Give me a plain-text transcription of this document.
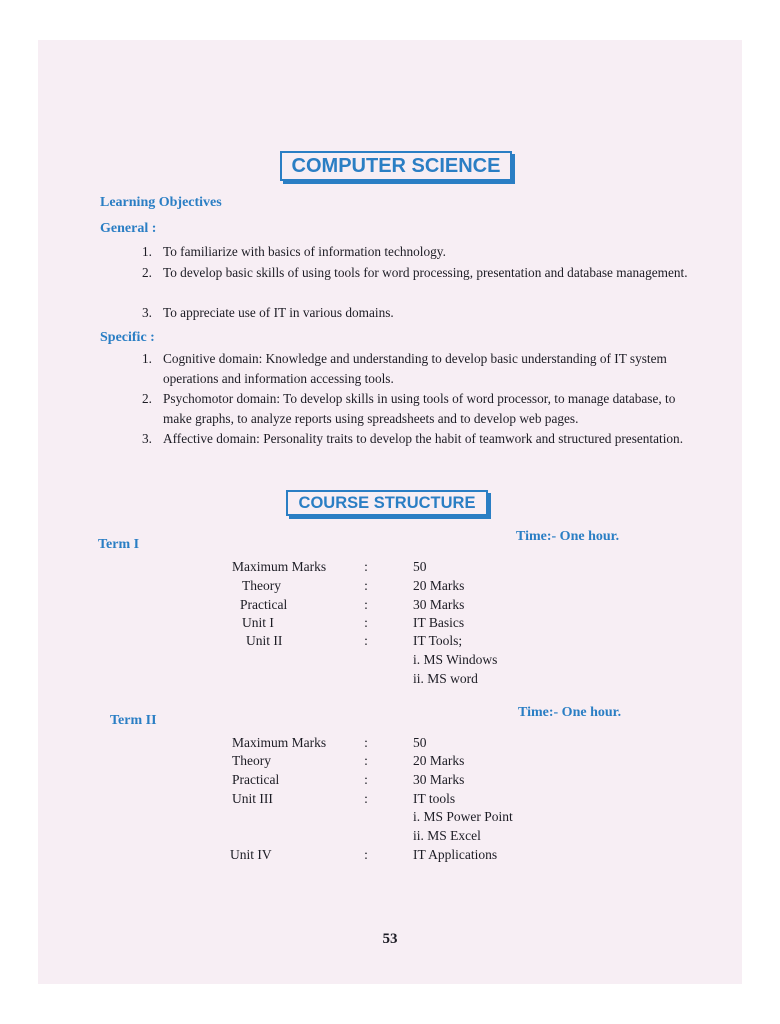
COMPUTER SCIENCE
Learning Objectives
General :
1. To familiarize with basics of information technology.
2. To develop basic skills of using tools for word processing, presentation and database management.
3. To appreciate use of IT in various domains.
Specific :
1. Cognitive domain: Knowledge and understanding to develop basic understanding of IT system operations and information accessing tools.
2. Psychomotor domain: To develop skills in using tools of word processor, to manage database, to make graphs, to analyze reports using spreadsheets and to develop web pages.
3. Affective domain: Personality traits to develop the habit of teamwork and structured presentation.
COURSE STRUCTURE
Term I
Time:- One hour.
Maximum Marks	:	50
Theory	:	20 Marks
Practical	:	30 Marks
Unit I	:	IT Basics
Unit II	:	IT Tools;
i. MS Windows
ii. MS word
Term II
Time:- One hour.
Maximum Marks	:	50
Theory	:	20 Marks
Practical	:	30 Marks
Unit III	:	IT tools
i. MS Power Point
ii. MS Excel
Unit IV	:	IT Applications
53
